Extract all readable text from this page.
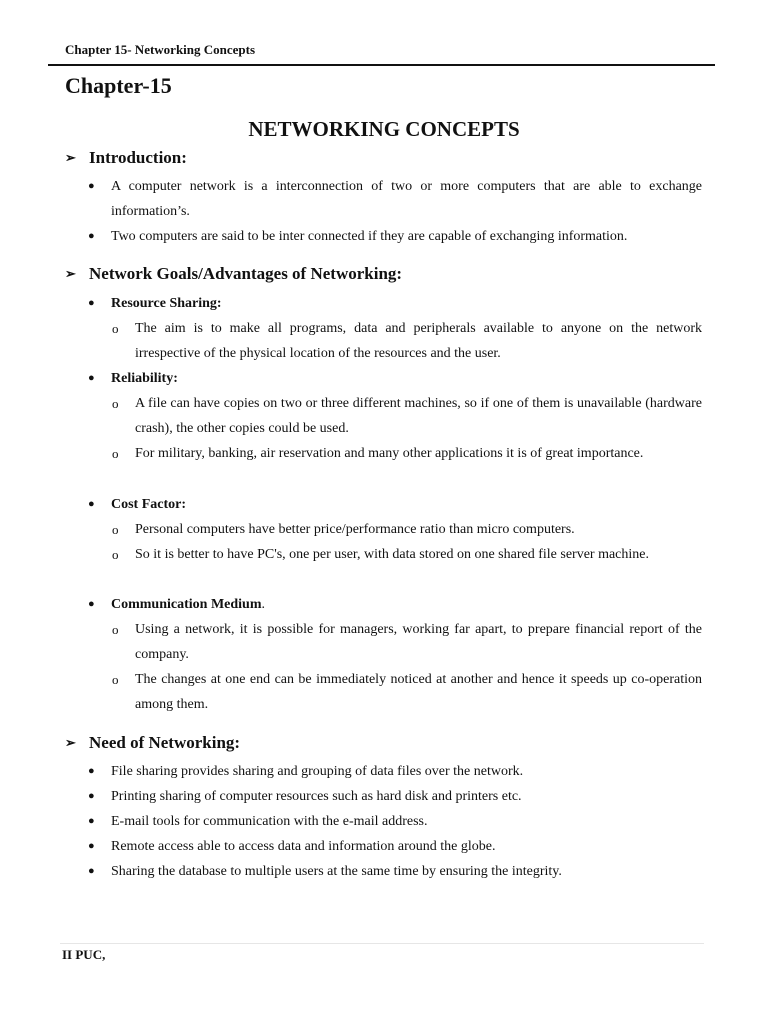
Chapter 15- Networking Concepts
Chapter-15
NETWORKING CONCEPTS
➢ Introduction:
● A computer network is a interconnection of two or more computers that are able to exchange information’s.
● Two computers are said to be inter connected if they are capable of exchanging information.
➢ Network Goals/Advantages of Networking:
● Resource Sharing:
o The aim is to make all programs, data and peripherals available to anyone on the network irrespective of the physical location of the resources and the user.
● Reliability:
o A file can have copies on two or three different machines, so if one of them is unavailable (hardware crash), the other copies could be used.
o For military, banking, air reservation and many other applications it is of great importance.
● Cost Factor:
o Personal computers have better price/performance ratio than micro computers.
o So it is better to have PC's, one per user, with data stored on one shared file server machine.
● Communication Medium.
o Using a network, it is possible for managers, working far apart, to prepare financial report of the company.
o The changes at one end can be immediately noticed at another and hence it speeds up co-operation among them.
➢ Need of Networking:
● File sharing provides sharing and grouping of data files over the network.
● Printing sharing of computer resources such as hard disk and printers etc.
● E-mail tools for communication with the e-mail address.
● Remote access able to access data and information around the globe.
● Sharing the database to multiple users at the same time by ensuring the integrity.
II PUC,
